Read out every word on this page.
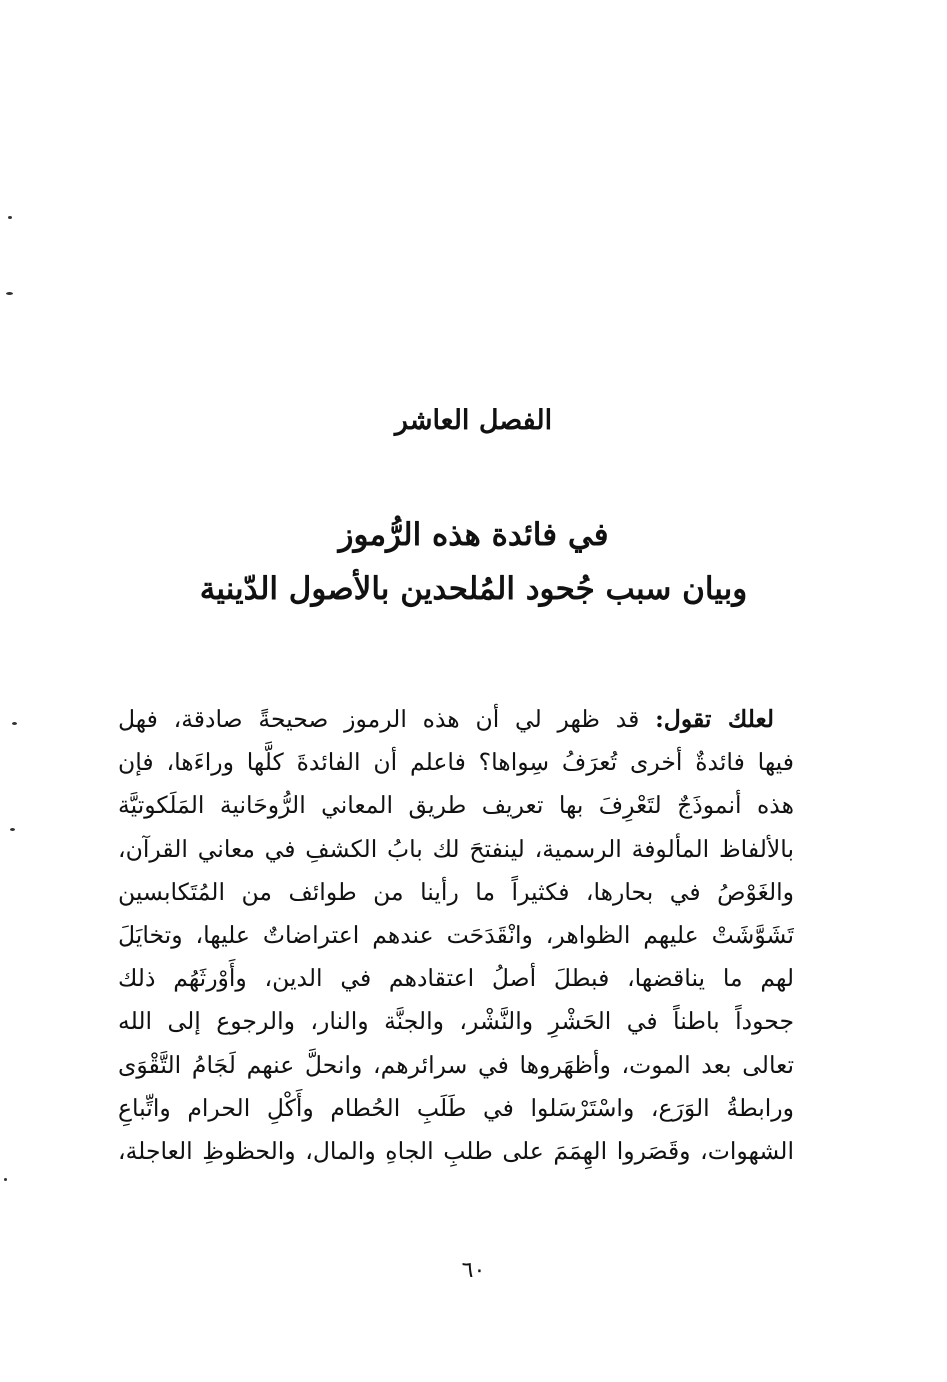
الفصل العاشر
في فائدة هذه الرُّموز
وبيان سبب جُحود المُلحدين بالأصول الدّينية
لعلك تقول: قد ظهر لي أن هذه الرموز صحيحةً صادقة، فهل
فيها فائدةٌ أخرى تُعرَفُ سِواها؟ فاعلم أن الفائدةَ كلَّها وراءَها، فإن
هذه أنموذَجٌ لتَعْرِفَ بها تعريف طريق المعاني الرُّوحَانية المَلَكوتيَّة
بالألفاظ المألوفة الرسمية، لينفتحَ لك بابُ الكشفِ في معاني القرآن،
والغَوْصُ في بحارها، فكثيراً ما رأينا من طوائف من المُتَكابسين
تَشَوَّشَتْ عليهم الظواهر، وانْقَدَحَت عندهم اعتراضاتٌ عليها، وتخايَلَ
لهم ما يناقضها، فبطلَ أصلُ اعتقادهم في الدين، وأَوْرثَهُم ذلك
جحوداً باطناً في الحَشْرِ والنَّشْر، والجنَّة والنار، والرجوع إلى الله
تعالى بعد الموت، وأظهَروها في سرائرهم، وانحلَّ عنهم لَجَامُ التَّقْوَى
ورابطةُ الوَرَع، واسْتَرْسَلوا في طَلَبِ الحُطام وأَكْلِ الحرام واتِّباعِ
الشهوات، وقَصَروا الهِمَمَ على طلبِ الجاهِ والمال، والحظوظِ العاجلة،
٦٠
